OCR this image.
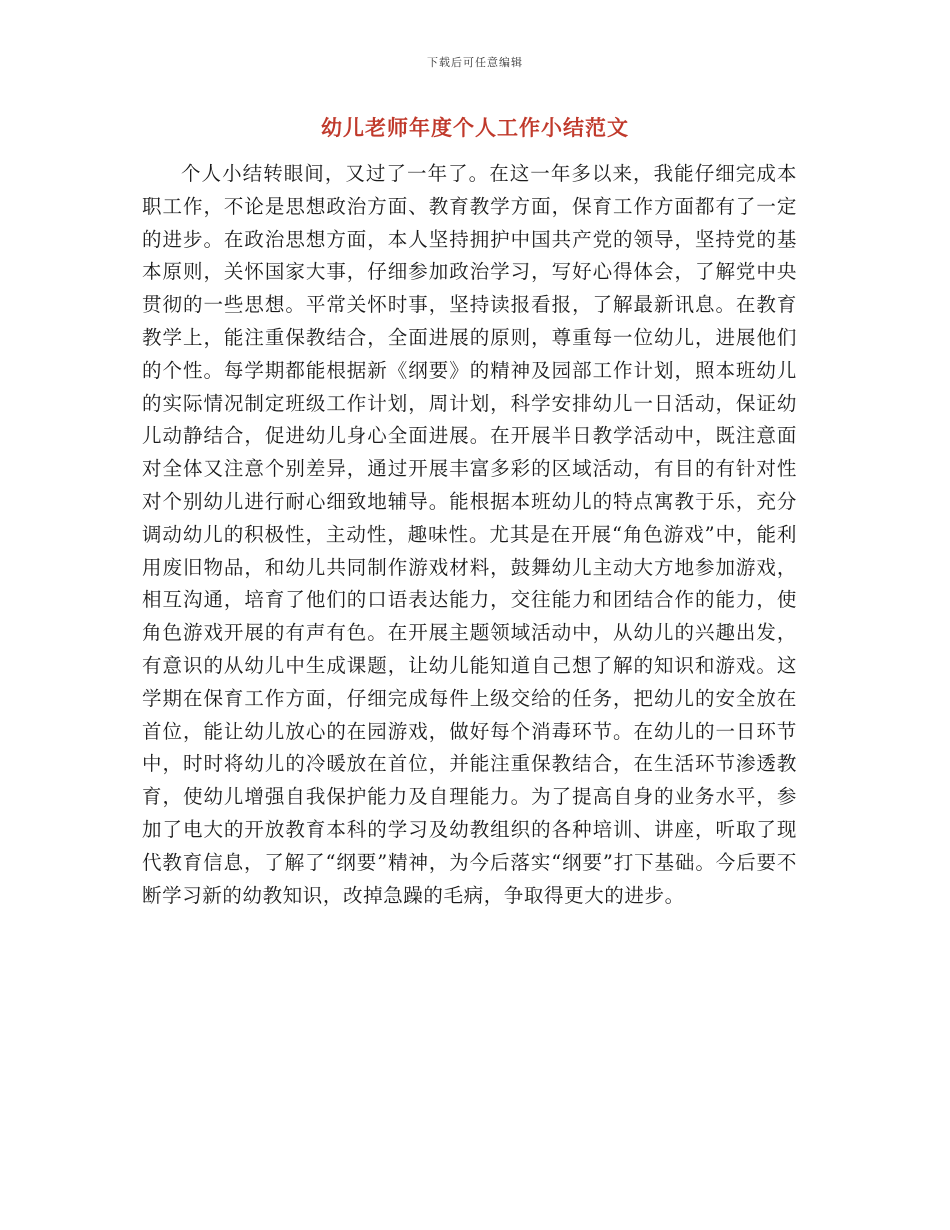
下载后可任意编辑
幼儿老师年度个人工作小结范文

个人小结转眼间，又过了一年了。在这一年多以来，我能仔细完成本职工作，不论是思想政治方面、教育教学方面，保育工作方面都有了一定的进步。在政治思想方面，本人坚持拥护中国共产党的领导，坚持党的基本原则，关怀国家大事，仔细参加政治学习，写好心得体会，了解党中央贯彻的一些思想。平常关怀时事，坚持读报看报，了解最新讯息。在教育教学上，能注重保教结合，全面进展的原则，尊重每一位幼儿，进展他们的个性。每学期都能根据新《纲要》的精神及园部工作计划，照本班幼儿的实际情况制定班级工作计划，周计划，科学安排幼儿一日活动，保证幼儿动静结合，促进幼儿身心全面进展。在开展半日教学活动中，既注意面对全体又注意个别差异，通过开展丰富多彩的区域活动，有目的有针对性对个别幼儿进行耐心细致地辅导。能根据本班幼儿的特点寓教于乐，充分调动幼儿的积极性，主动性，趣味性。尤其是在开展“角色游戏”中，能利用废旧物品，和幼儿共同制作游戏材料，鼓舞幼儿主动大方地参加游戏，相互沟通，培育了他们的口语表达能力，交往能力和团结合作的能力，使角色游戏开展的有声有色。在开展主题领域活动中，从幼儿的兴趣出发，有意识的从幼儿中生成课题，让幼儿能知道自己想了解的知识和游戏。这学期在保育工作方面，仔细完成每件上级交给的任务，把幼儿的安全放在首位，能让幼儿放心的在园游戏，做好每个消毒环节。在幼儿的一日环节中，时时将幼儿的冷暖放在首位，并能注重保教结合，在生活环节渗透教育，使幼儿增强自我保护能力及自理能力。为了提高自身的业务水平，参加了电大的开放教育本科的学习及幼教组织的各种培训、讲座，听取了现代教育信息，了解了“纲要”精神，为今后落实“纲要”打下基础。今后要不断学习新的幼教知识，改掉急躁的毛病，争取得更大的进步。
